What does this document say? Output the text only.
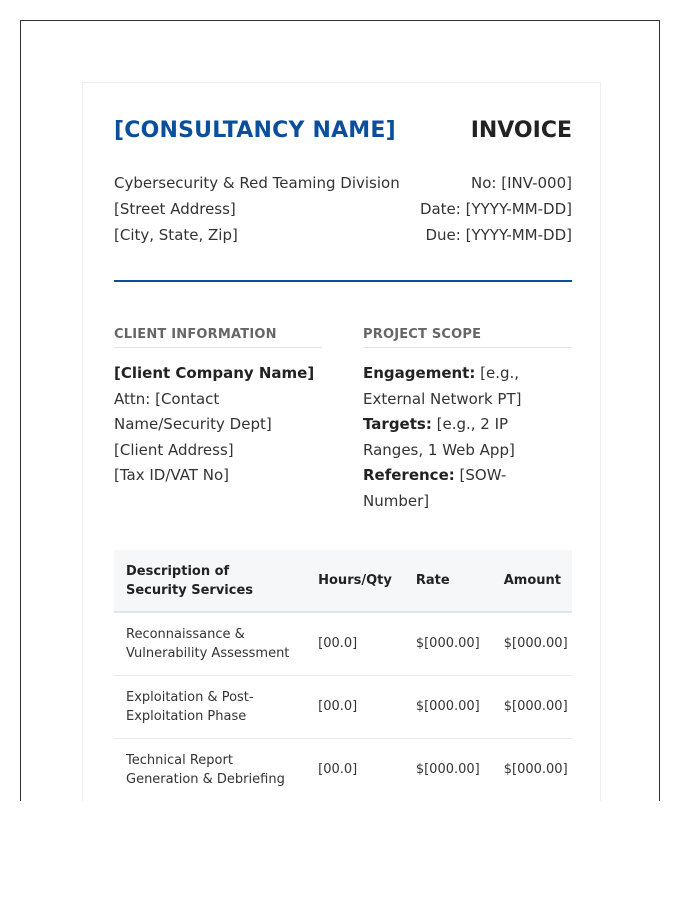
[CONSULTANCY NAME]	INVOICE
Cybersecurity & Red Teaming Division
[Street Address]
[City, State, Zip]
No: [INV-000]
Date: [YYYY-MM-DD]
Due: [YYYY-MM-DD]
CLIENT INFORMATION
[Client Company Name]
Attn: [Contact Name/Security Dept]
[Client Address]
[Tax ID/VAT No]
PROJECT SCOPE
Engagement: [e.g., External Network PT]
Targets: [e.g., 2 IP Ranges, 1 Web App]
Reference: [SOW-Number]
Description of Security Services	Hours/Qty	Rate	Amount
Reconnaissance & Vulnerability Assessment	[00.0]	$[000.00]	$[000.00]
Exploitation & Post-Exploitation Phase	[00.0]	$[000.00]	$[000.00]
Technical Report Generation & Debriefing	[00.0]	$[000.00]	$[000.00]
